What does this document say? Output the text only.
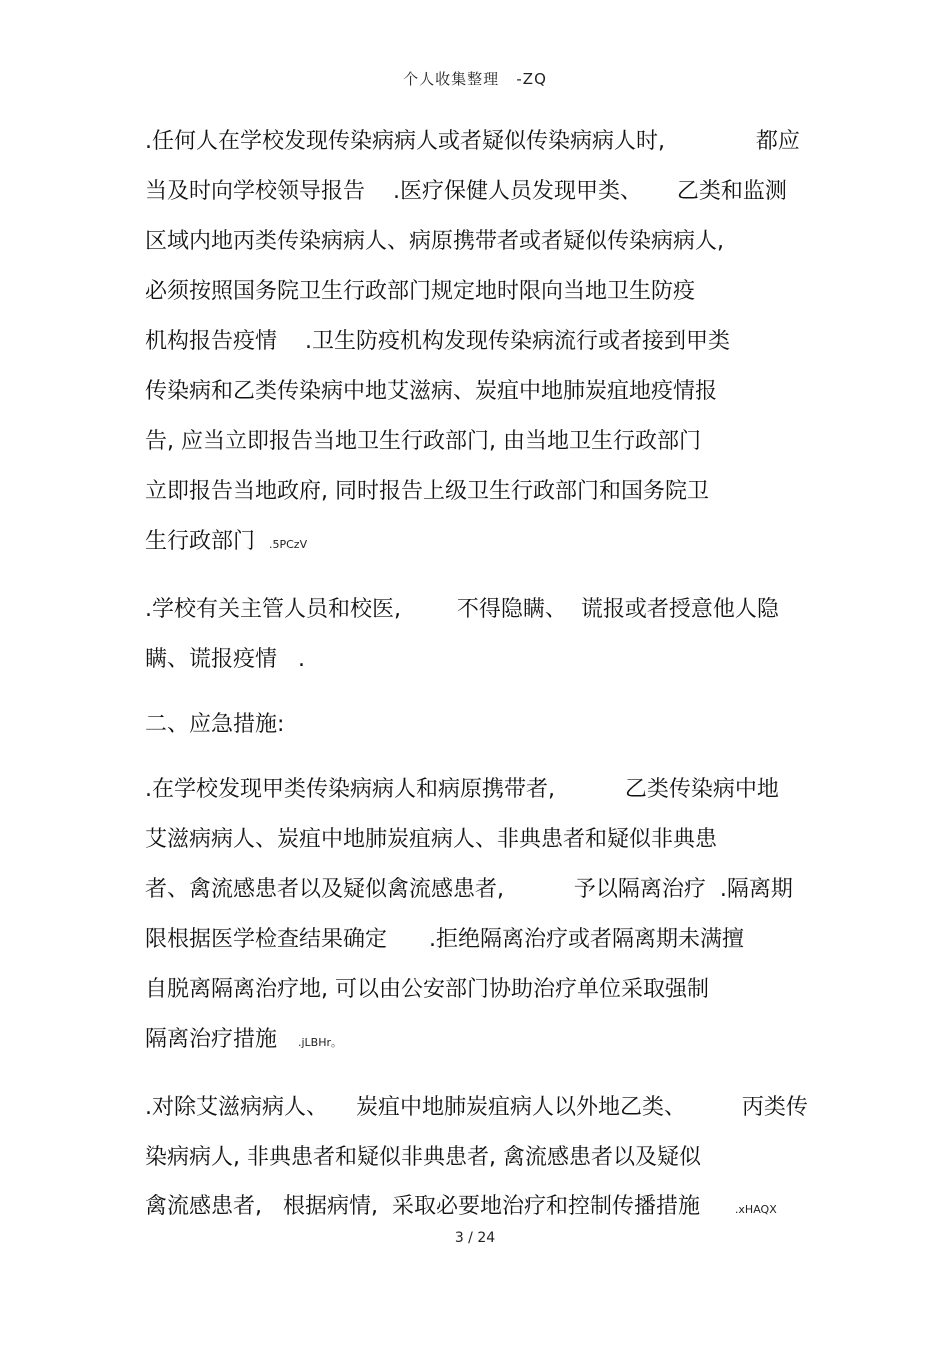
个人收集整理   -ZQ
.任何人在学校发现传染病病人或者疑似传染病病人时,             都应
当及时向学校领导报告    .医疗保健人员发现甲类、     乙类和监测
区域内地丙类传染病病人、病原携带者或者疑似传染病病人,
必须按照国务院卫生行政部门规定地时限向当地卫生防疫
机构报告疫情    .卫生防疫机构发现传染病流行或者接到甲类
传染病和乙类传染病中地艾滋病、炭疽中地肺炭疽地疫情报
告, 应当立即报告当地卫生行政部门, 由当地卫生行政部门
立即报告当地政府, 同时报告上级卫生行政部门和国务院卫
生行政部门  .5PCzV
.学校有关主管人员和校医,        不得隐瞒、  谎报或者授意他人隐
瞒、谎报疫情   .
二、应急措施:
.在学校发现甲类传染病病人和病原携带者,          乙类传染病中地
艾滋病病人、炭疽中地肺炭疽病人、非典患者和疑似非典患
者、禽流感患者以及疑似禽流感患者,          予以隔离治疗  .隔离期
限根据医学检查结果确定      .拒绝隔离治疗或者隔离期未满擅
自脱离隔离治疗地, 可以由公安部门协助治疗单位采取强制
隔离治疗措施   .jLBHr。
.对除艾滋病病人、    炭疽中地肺炭疽病人以外地乙类、        丙类传
染病病人, 非典患者和疑似非典患者, 禽流感患者以及疑似
禽流感患者,   根据病情,  采取必要地治疗和控制传播措施     .xHAQX
3 / 24
